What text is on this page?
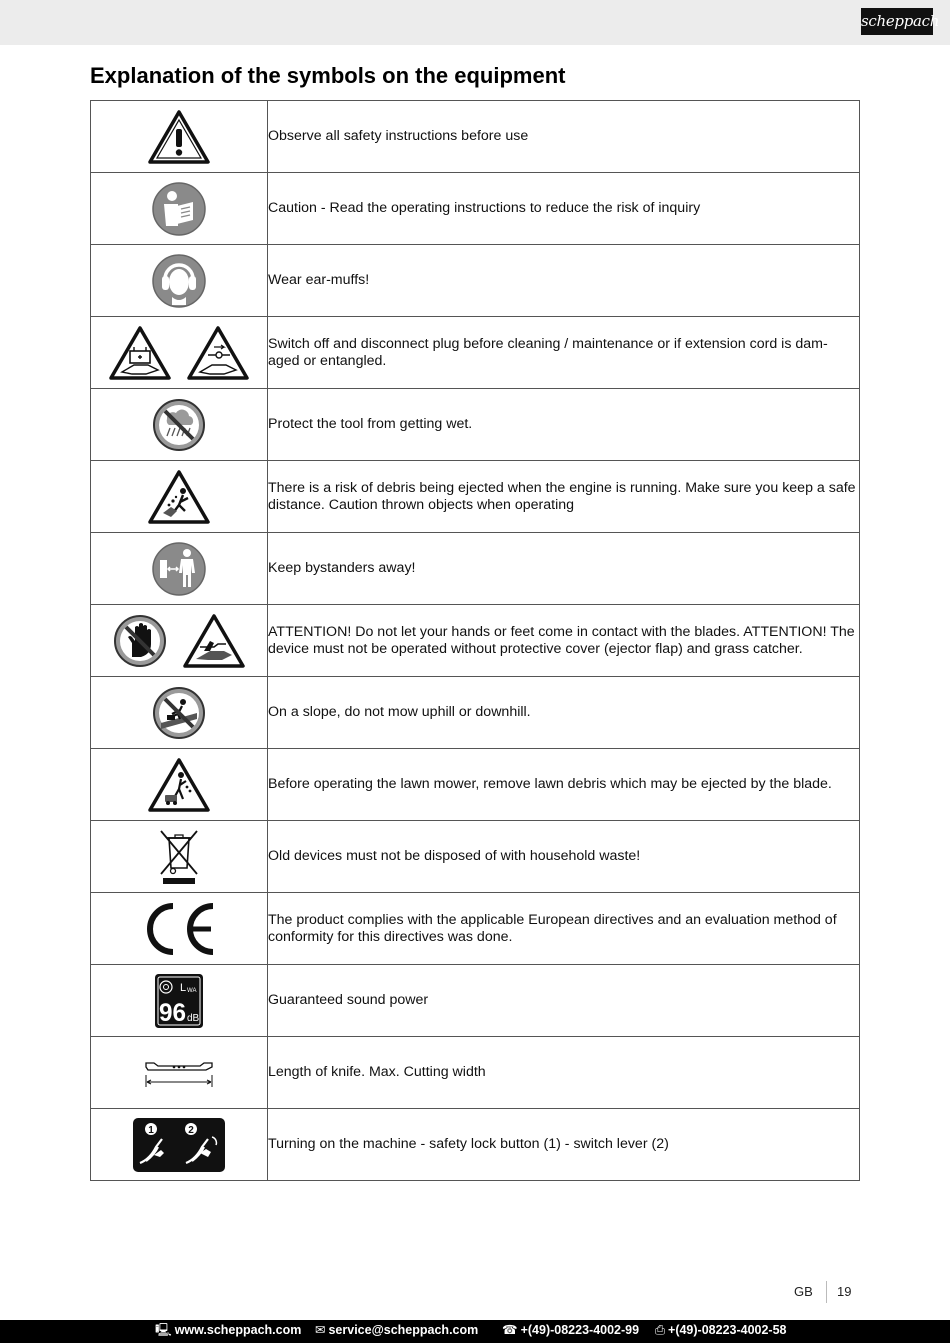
scheppach
Explanation of the symbols on the equipment
	Observe all safety instructions before use
	Caution - Read the operating instructions to reduce the risk of inquiry
	Wear ear-muffs!

	Switch off and disconnect plug before cleaning / maintenance or if extension cord is dam-aged or entangled.
	Protect the tool from getting wet.
	There is a risk of debris being ejected when the engine is running. Make sure you keep a safe distance. Caution thrown objects when operating
	Keep bystanders away!

	ATTENTION! Do not let your hands or feet come in contact with the blades. ATTENTION! The device must not be operated without protective cover (ejector flap) and grass catcher.
	On a slope, do not mow uphill or downhill.
	Before operating the lawn mower, remove lawn debris which may be ejected by the blade.
	Old devices must not be disposed of with household waste!
	The product complies with the applicable European directives and an evaluation method of conformity for this directives was done.

L WA
96 dB	Guaranteed sound power
	Length of knife. Max. Cutting width

1 2	Turning on the machine - safety lock button (1) - switch lever (2)
GB 19
🖳 www.scheppach.com ✉ service@scheppach.com ☎ +(49)-08223-4002-99 ⎙ +(49)-08223-4002-58
